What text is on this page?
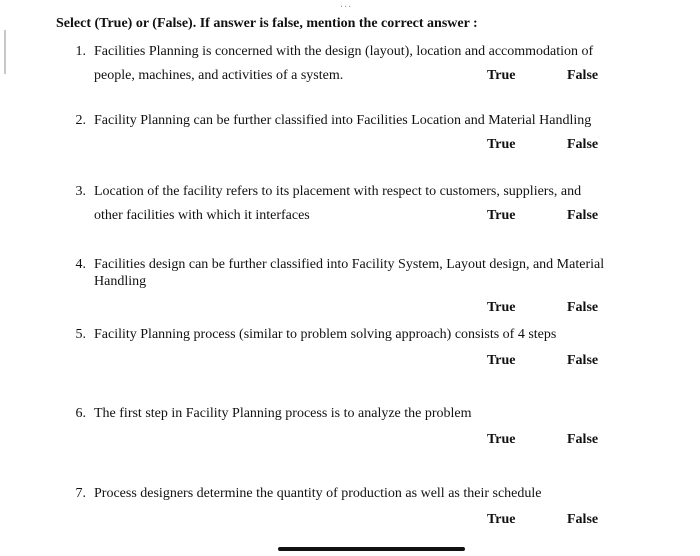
...
Select (True) or (False). If answer is false, mention the correct answer :
1. Facilities Planning is concerned with the design (layout), location and accommodation of
people, machines, and activities of a system.	True	False
2. Facility Planning can be further classified into Facilities Location and Material Handling
True	False
3. Location of the facility refers to its placement with respect to customers, suppliers, and
other facilities with which it interfaces	True	False
4. Facilities design can be further classified into Facility System, Layout design, and Material
Handling
True	False
5. Facility Planning process (similar to problem solving approach) consists of 4 steps
True	False
6. The first step in Facility Planning process is to analyze the problem
True	False
7. Process designers determine the quantity of production as well as their schedule
True	False
